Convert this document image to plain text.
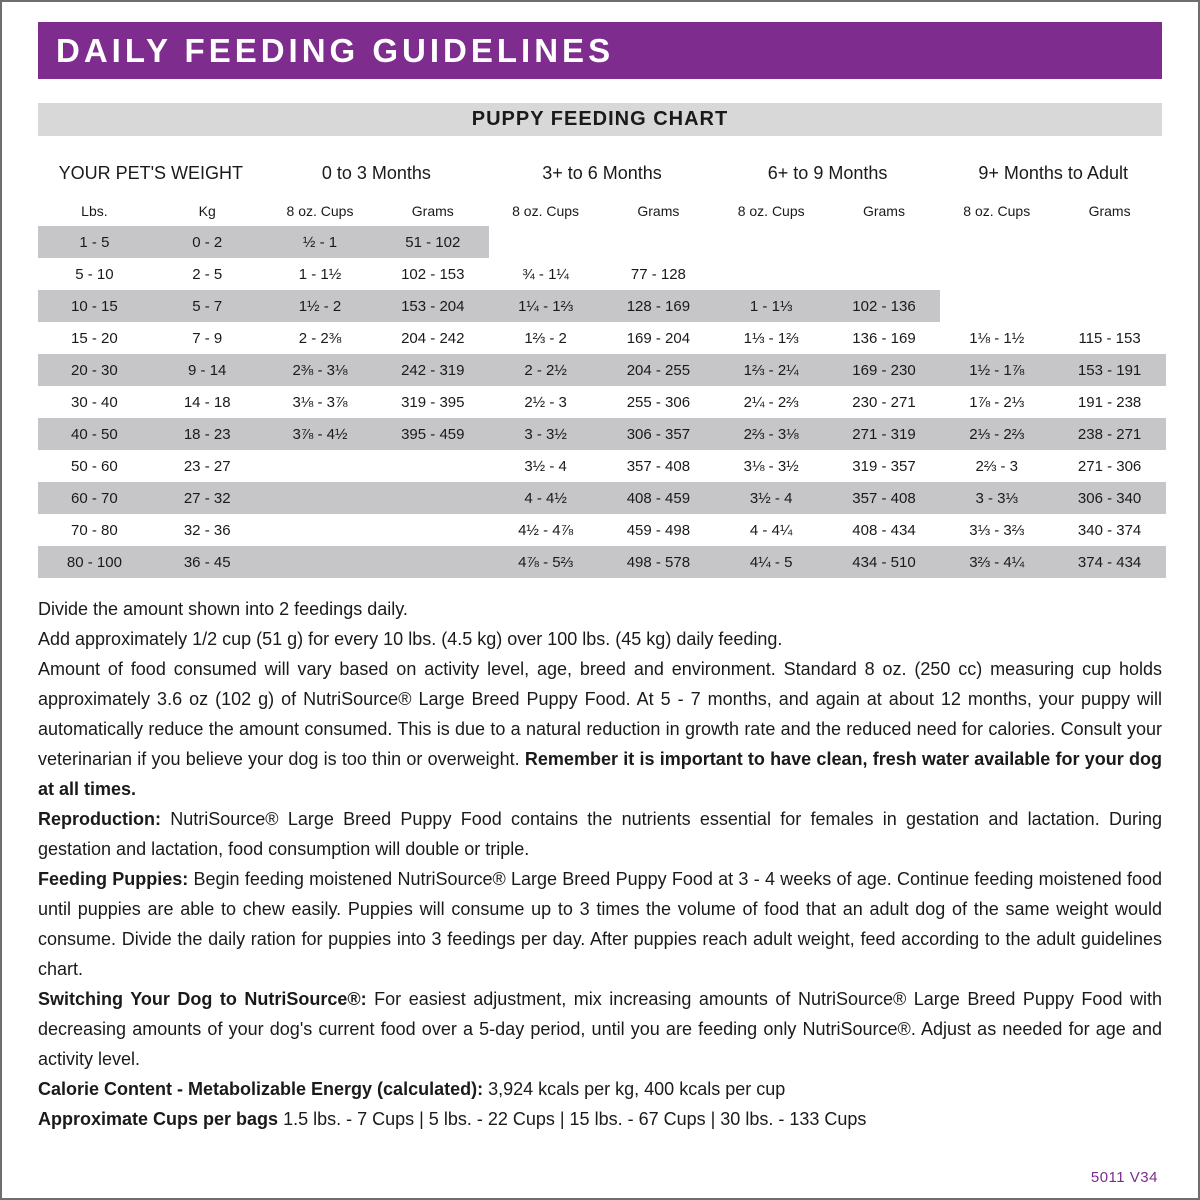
DAILY FEEDING GUIDELINES
PUPPY FEEDING CHART
YOUR PET'S WEIGHT		0 to 3 Months		3+ to 6 Months		6+ to 9 Months		9+ Months to Adult	
Lbs.	Kg	8 oz. Cups	Grams	8 oz. Cups	Grams	8 oz. Cups	Grams	8 oz. Cups	Grams
1 - 5	0 - 2	½ - 1	51 - 102						
5 - 10	2 - 5	1 - 1½	102 - 153	¾ - 1¼	77 - 128				
10 - 15	5 - 7	1½ - 2	153 - 204	1¼ - 1⅔	128 - 169	1 - 1⅓	102 - 136		
15 - 20	7 - 9	2 - 2⅜	204 - 242	1⅔ - 2	169 - 204	1⅓ - 1⅔	136 - 169	1⅛ - 1½	115 - 153
20 - 30	9 - 14	2⅜ - 3⅛	242 - 319	2 - 2½	204 - 255	1⅔ - 2¼	169 - 230	1½ - 1⅞	153 - 191
30 - 40	14 - 18	3⅛ - 3⅞	319 - 395	2½ - 3	255 - 306	2¼ - 2⅔	230 - 271	1⅞ - 2⅓	191 - 238
40 - 50	18 - 23	3⅞ - 4½	395 - 459	3 - 3½	306 - 357	2⅔ - 3⅛	271 - 319	2⅓ - 2⅔	238 - 271
50 - 60	23 - 27			3½ - 4	357 - 408	3⅛ - 3½	319 - 357	2⅔ - 3	271 - 306
60 - 70	27 - 32			4 - 4½	408 - 459	3½ - 4	357 - 408	3 - 3⅓	306 - 340
70 - 80	32 - 36			4½ - 4⅞	459 - 498	4 - 4¼	408 - 434	3⅓ - 3⅔	340 - 374
80 - 100	36 - 45			4⅞ - 5⅔	498 - 578	4¼ - 5	434 - 510	3⅔ - 4¼	374 - 434

Divide the amount shown into 2 feedings daily.

Add approximately 1/2 cup (51 g) for every 10 lbs. (4.5 kg) over 100 lbs. (45 kg) daily feeding.

Amount of food consumed will vary based on activity level, age, breed and environment. Standard 8 oz. (250 cc) measuring cup holds approximately 3.6 oz (102 g) of NutriSource® Large Breed Puppy Food. At 5 - 7 months, and again at about 12 months, your puppy will automatically reduce the amount consumed. This is due to a natural reduction in growth rate and the reduced need for calories. Consult your veterinarian if you believe your dog is too thin or overweight. Remember it is important to have clean, fresh water available for your dog at all times.

Reproduction: NutriSource® Large Breed Puppy Food contains the nutrients essential for females in gestation and lactation. During gestation and lactation, food consumption will double or triple.

Feeding Puppies: Begin feeding moistened NutriSource® Large Breed Puppy Food at 3 - 4 weeks of age. Continue feeding moistened food until puppies are able to chew easily. Puppies will consume up to 3 times the volume of food that an adult dog of the same weight would consume. Divide the daily ration for puppies into 3 feedings per day. After puppies reach adult weight, feed according to the adult guidelines chart.

Switching Your Dog to NutriSource®: For easiest adjustment, mix increasing amounts of NutriSource® Large Breed Puppy Food with decreasing amounts of your dog's current food over a 5-day period, until you are feeding only NutriSource®. Adjust as needed for age and activity level.

Calorie Content - Metabolizable Energy (calculated): 3,924 kcals per kg, 400 kcals per cup

Approximate Cups per bags 1.5 lbs. - 7 Cups | 5 lbs. - 22 Cups | 15 lbs. - 67 Cups | 30 lbs. - 133 Cups

5011 V34
